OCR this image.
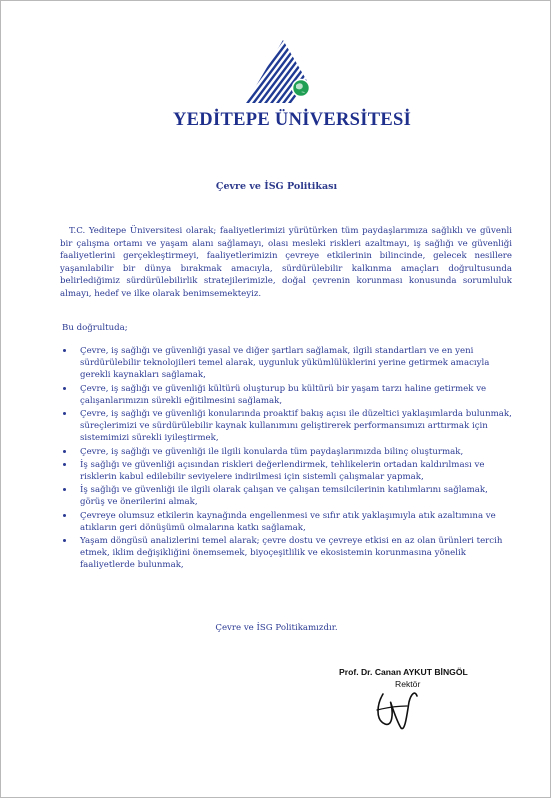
YEDİTEPE ÜNİVERSİTESİ
Çevre ve İSG Politikası

T.C. Yeditepe Üniversitesi olarak; faaliyetlerimizi yürütürken tüm paydaşlarımıza sağlıklı ve güvenli bir çalışma ortamı ve yaşam alanı sağlamayı, olası mesleki riskleri azaltmayı, iş sağlığı ve güvenliği faaliyetlerini gerçekleştirmeyi, faaliyetlerimizin çevreye etkilerinin bilincinde, gelecek nesillere yaşanılabilir bir dünya bırakmak amacıyla, sürdürülebilir kalkınma amaçları doğrultusunda belirlediğimiz sürdürülebilirlik stratejilerimizle, doğal çevrenin korunması konusunda sorumluluk almayı, hedef ve ilke olarak benimsemekteyiz.

Bu doğrultuda;
Çevre, iş sağlığı ve güvenliği yasal ve diğer şartları sağlamak, ilgili standartları ve en yeni sürdürülebilir teknolojileri temel alarak, uygunluk yükümlülüklerini yerine getirmek amacıyla gerekli kaynakları sağlamak,
Çevre, iş sağlığı ve güvenliği kültürü oluşturup bu kültürü bir yaşam tarzı haline getirmek ve çalışanlarımızın sürekli eğitilmesini sağlamak,
Çevre, iş sağlığı ve güvenliği konularında proaktif bakış açısı ile düzeltici yaklaşımlarda bulunmak, süreçlerimizi ve sürdürülebilir kaynak kullanımını geliştirerek performansımızı arttırmak için sistemimizi sürekli iyileştirmek,
Çevre, iş sağlığı ve güvenliği ile ilgili konularda tüm paydaşlarımızda bilinç oluşturmak,
İş sağlığı ve güvenliği açısından riskleri değerlendirmek, tehlikelerin ortadan kaldırılması ve risklerin kabul edilebilir seviyelere indirilmesi için sistemli çalışmalar yapmak,
İş sağlığı ve güvenliği ile ilgili olarak çalışan ve çalışan temsilcilerinin katılımlarını sağlamak, görüş ve önerilerini almak,
Çevreye olumsuz etkilerin kaynağında engellenmesi ve sıfır atık yaklaşımıyla atık azaltımına ve atıkların geri dönüşümü olmalarına katkı sağlamak,
Yaşam döngüsü analizlerini temel alarak; çevre dostu ve çevreye etkisi en az olan ürünleri tercih etmek, iklim değişikliğini önemsemek, biyoçeşitlilik ve ekosistemin korunmasına yönelik faaliyetlerde bulunmak,
Çevre ve İSG Politikamızdır.
Prof. Dr. Canan AYKUT BİNGÖL
Rektör
